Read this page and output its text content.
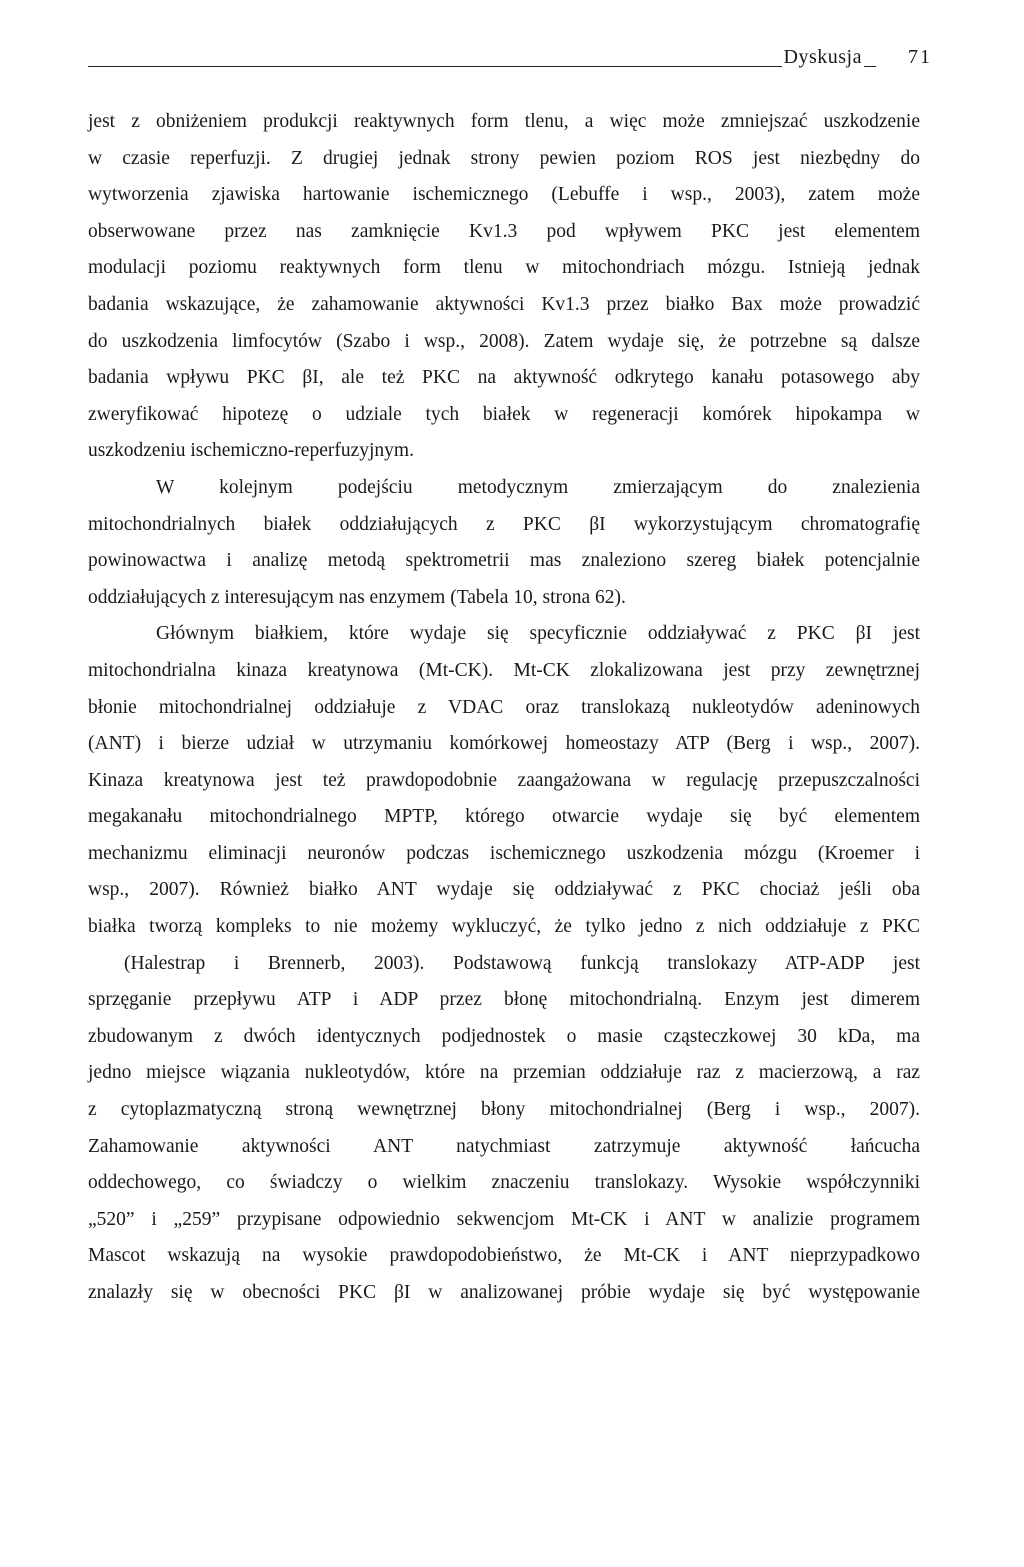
Dyskusja 71
jest z obniżeniem produkcji reaktywnych form tlenu, a więc może zmniejszać uszkodzenie
w czasie reperfuzji. Z drugiej jednak strony pewien poziom ROS jest niezbędny do
wytworzenia zjawiska hartowanie ischemicznego (Lebuffe i wsp., 2003), zatem może
obserwowane przez nas zamknięcie Kv1.3 pod wpływem PKC jest elementem
modulacji poziomu reaktywnych form tlenu w mitochondriach mózgu. Istnieją jednak
badania wskazujące, że zahamowanie aktywności Kv1.3 przez białko Bax może prowadzić
do uszkodzenia limfocytów (Szabo i wsp., 2008). Zatem wydaje się, że potrzebne są dalsze
badania wpływu PKC βI, ale też PKC na aktywność odkrytego kanału potasowego aby
zweryfikować hipotezę o udziale tych białek w regeneracji komórek hipokampa w
uszkodzeniu ischemiczno-reperfuzyjnym.
W kolejnym podejściu metodycznym zmierzającym do znalezienia
mitochondrialnych białek oddziałujących z PKC βI wykorzystującym chromatografię
powinowactwa i analizę metodą spektrometrii mas znaleziono szereg białek potencjalnie
oddziałujących z interesującym nas enzymem (Tabela 10, strona 62).
Głównym białkiem, które wydaje się specyficznie oddziaływać z PKC βI jest
mitochondrialna kinaza kreatynowa (Mt-CK). Mt-CK zlokalizowana jest przy zewnętrznej
błonie mitochondrialnej oddziałuje z VDAC oraz translokazą nukleotydów adeninowych
(ANT) i bierze udział w utrzymaniu komórkowej homeostazy ATP (Berg i wsp., 2007).
Kinaza kreatynowa jest też prawdopodobnie zaangażowana w regulację przepuszczalności
megakanału mitochondrialnego MPTP, którego otwarcie wydaje się być elementem
mechanizmu eliminacji neuronów podczas ischemicznego uszkodzenia mózgu (Kroemer i
wsp., 2007). Również białko ANT wydaje się oddziaływać z PKC chociaż jeśli oba
białka tworzą kompleks to nie możemy wykluczyć, że tylko jedno z nich oddziałuje z PKC
(Halestrap i Brennerb, 2003). Podstawową funkcją translokazy ATP-ADP jest
sprzęganie przepływu ATP i ADP przez błonę mitochondrialną. Enzym jest dimerem
zbudowanym z dwóch identycznych podjednostek o masie cząsteczkowej 30 kDa, ma
jedno miejsce wiązania nukleotydów, które na przemian oddziałuje raz z macierzową, a raz
z cytoplazmatyczną stroną wewnętrznej błony mitochondrialnej (Berg i wsp., 2007).
Zahamowanie aktywności ANT natychmiast zatrzymuje aktywność łańcucha
oddechowego, co świadczy o wielkim znaczeniu translokazy. Wysokie współczynniki
„520” i „259” przypisane odpowiednio sekwencjom Mt-CK i ANT w analizie programem
Mascot wskazują na wysokie prawdopodobieństwo, że Mt-CK i ANT nieprzypadkowo
znalazły się w obecności PKC βI w analizowanej próbie wydaje się być występowanie
